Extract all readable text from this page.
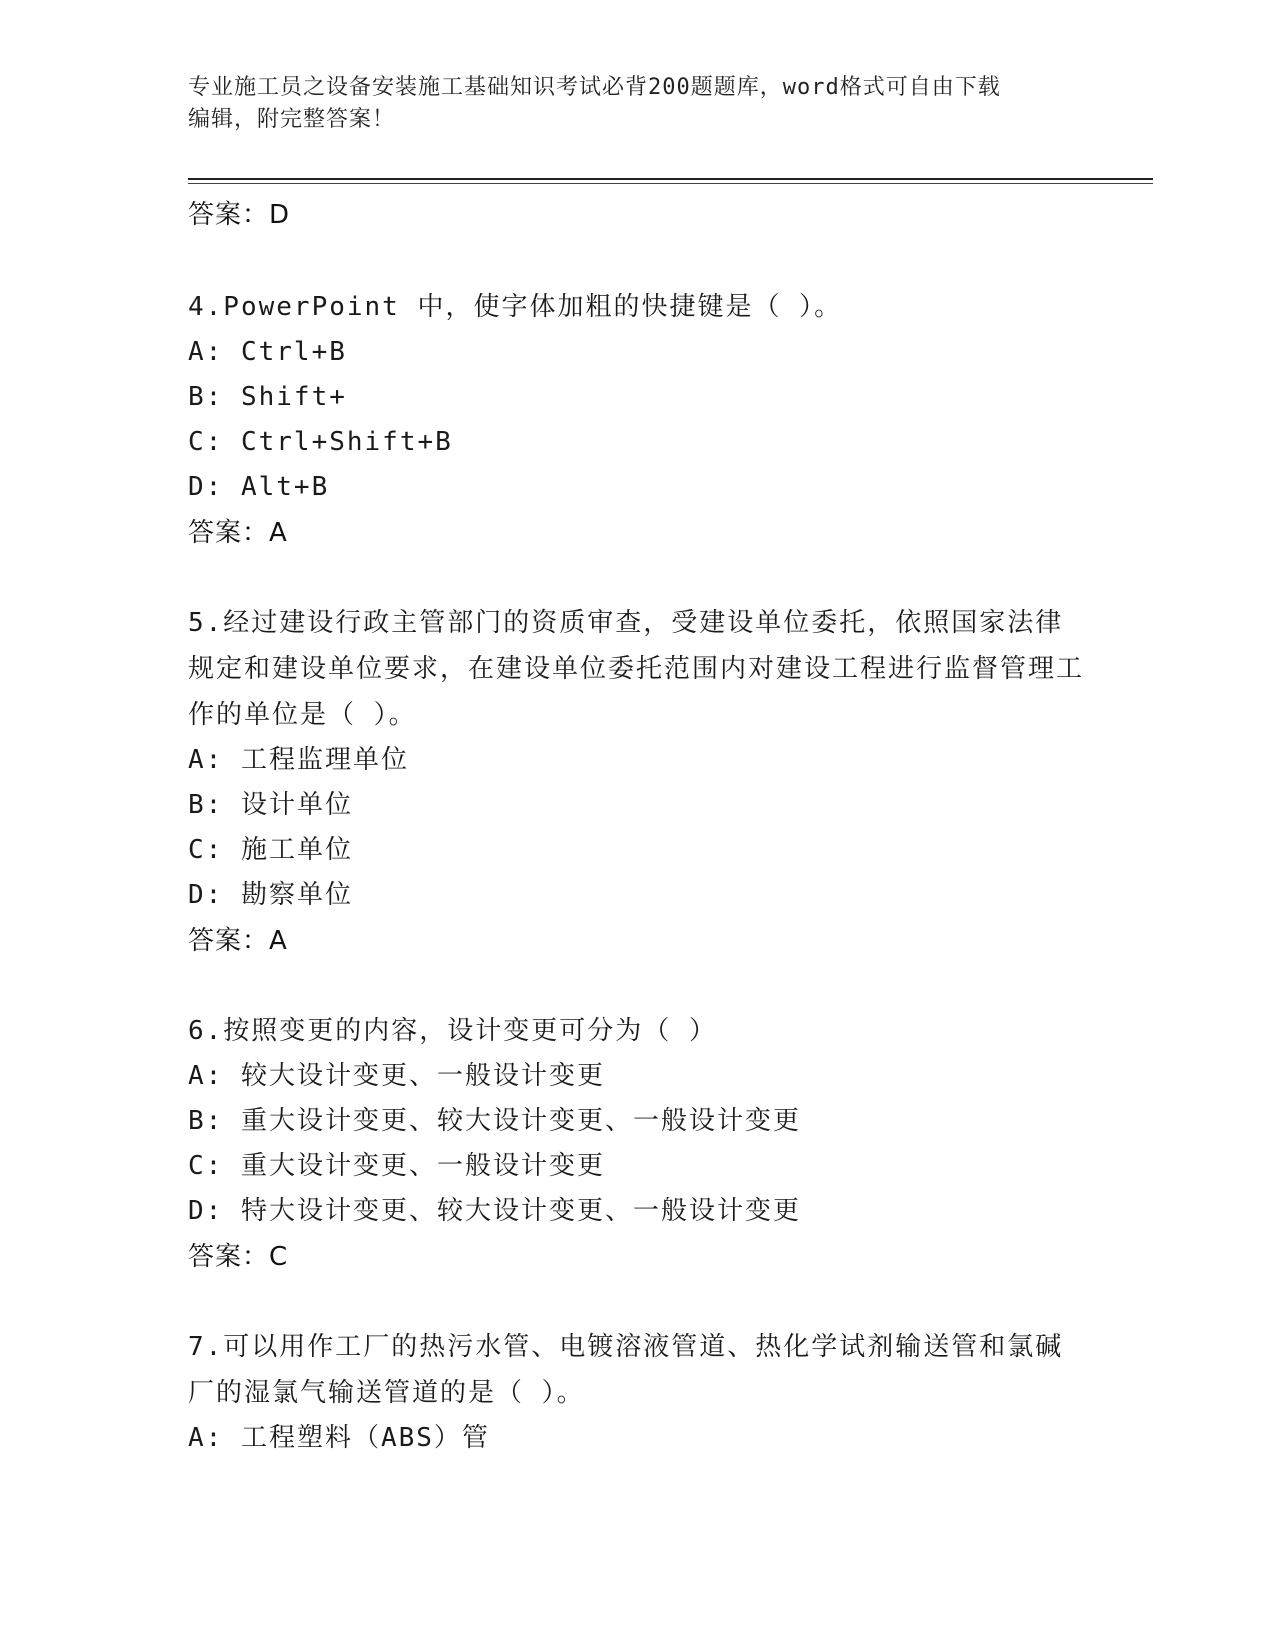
专业施工员之设备安装施工基础知识考试必背200题题库，word格式可自由下载
编辑，附完整答案！
答案：D
4.PowerPoint 中，使字体加粗的快捷键是（ ）。
A: Ctrl+B
B: Shift+
C: Ctrl+Shift+B
D: Alt+B
答案：A
5.经过建设行政主管部门的资质审查，受建设单位委托，依照国家法律规定和建设单位要求，在建设单位委托范围内对建设工程进行监督管理工作的单位是（ ）。
A: 工程监理单位
B: 设计单位
C: 施工单位
D: 勘察单位
答案：A
6.按照变更的内容，设计变更可分为（ ）
A: 较大设计变更、一般设计变更
B: 重大设计变更、较大设计变更、一般设计变更
C: 重大设计变更、一般设计变更
D: 特大设计变更、较大设计变更、一般设计变更
答案：C
7.可以用作工厂的热污水管、电镀溶液管道、热化学试剂输送管和氯碱厂的湿氯气输送管道的是（ ）。
A: 工程塑料（ABS）管
